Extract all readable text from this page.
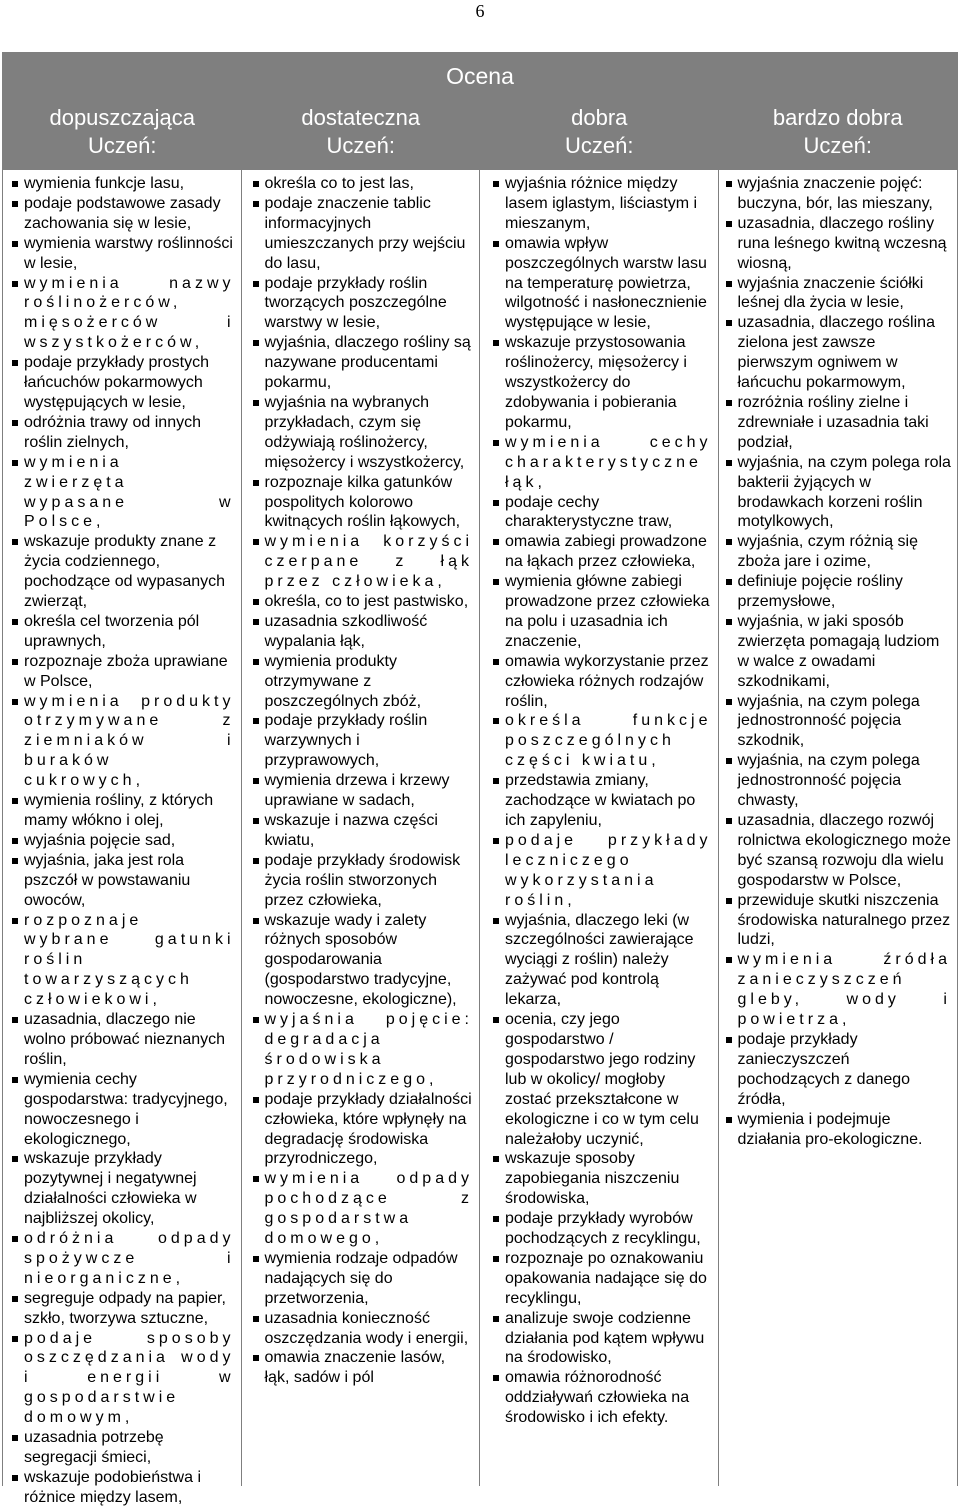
6
Ocena
dopuszczająca
Uczeń:
dostateczna
Uczeń:
dobra
Uczeń:
bardzo dobra
Uczeń:
wymienia funkcje lasu,
podaje podstawowe zasady zachowania się w lesie,
wymienia warstwy roślinności w lesie,
wymienia nazwy roślinożerców, mięsożerców i wszystkożerców,
podaje przykłady prostych łańcuchów pokarmowych występujących w lesie,
odróżnia trawy od innych roślin zielnych,
wymienia zwierzęta wypasane w Polsce,
wskazuje produkty znane z życia codziennego, pochodzące od wypasanych zwierząt,
określa cel tworzenia pól uprawnych,
rozpoznaje zboża uprawiane w Polsce,
wymienia produkty otrzymywane z ziemniaków i buraków cukrowych,
wymienia rośliny, z których mamy włókno i olej,
wyjaśnia pojęcie sad,
wyjaśnia, jaka jest rola pszczół w powstawaniu owoców,
rozpoznaje wybrane gatunki roślin towarzyszących człowiekowi,
uzasadnia, dlaczego nie wolno próbować nieznanych roślin,
wymienia cechy gospodarstwa: tradycyjnego, nowoczesnego i ekologicznego,
wskazuje przykłady pozytywnej i negatywnej działalności człowieka w najbliższej okolicy,
odróżnia odpady spożywcze i nieorganiczne,
segreguje odpady na papier, szkło, tworzywa sztuczne,
podaje sposoby oszczędzania wody i energii w gospodarstwie domowym,
uzasadnia potrzebę segregacji śmieci,
wskazuje podobieństwa i różnice między lasem,
określa co to jest las,
podaje znaczenie tablic informacyjnych umieszczanych przy wejściu do lasu,
podaje przykłady roślin tworzących poszczególne warstwy w lesie,
wyjaśnia, dlaczego rośliny są nazywane producentami pokarmu,
wyjaśnia na wybranych przykładach, czym się odżywiają roślinożercy, mięsożercy i wszystkożercy,
rozpoznaje kilka gatunków pospolitych kolorowo kwitnących roślin łąkowych,
wymienia korzyści czerpane z łąk przez człowieka,
określa, co to jest pastwisko,
uzasadnia szkodliwość wypalania łąk,
wymienia produkty otrzymywane z poszczególnych zbóż,
podaje przykłady roślin warzywnych i przyprawowych,
wymienia drzewa i krzewy uprawiane w sadach,
wskazuje i nazwa części kwiatu,
podaje przykłady środowisk życia roślin stworzonych przez człowieka,
wskazuje wady i zalety różnych sposobów gospodarowania (gospodarstwo tradycyjne, nowoczesne, ekologiczne),
wyjaśnia pojęcie: degradacja środowiska przyrodniczego,
podaje przykłady działalności człowieka, które wpłynęły na degradację środowiska przyrodniczego,
wymienia odpady pochodzące z gospodarstwa domowego,
wymienia rodzaje odpadów nadających się do przetworzenia,
uzasadnia konieczność oszczędzania wody i energii,
omawia znaczenie lasów, łąk, sadów i pól
wyjaśnia różnice między lasem iglastym, liściastym i mieszanym,
omawia wpływ poszczególnych warstw lasu na temperaturę powietrza, wilgotność i nasłonecznienie występujące w lesie,
wskazuje przystosowania roślinożercy, mięsożercy i wszystkożercy do zdobywania i pobierania pokarmu,
wymienia cechy charakterystyczne łąk,
podaje cechy charakterystyczne traw,
omawia zabiegi prowadzone na łąkach przez człowieka,
wymienia główne zabiegi prowadzone przez człowieka na polu i uzasadnia ich znaczenie,
omawia wykorzystanie przez człowieka różnych rodzajów roślin,
określa funkcje poszczególnych części kwiatu,
przedstawia zmiany, zachodzące w kwiatach po ich zapyleniu,
podaje przykłady leczniczego wykorzystania roślin,
wyjaśnia, dlaczego leki (w szczególności zawierające wyciągi z roślin) należy zażywać pod kontrolą lekarza,
ocenia, czy jego gospodarstwo / gospodarstwo jego rodziny lub w okolicy/ mogłoby zostać przekształcone w ekologiczne i co w tym celu należałoby uczynić,
wskazuje sposoby zapobiegania niszczeniu środowiska,
podaje przykłady wyrobów pochodzących z recyklingu,
rozpoznaje po oznakowaniu opakowania nadające się do recyklingu,
analizuje swoje codzienne działania pod kątem wpływu na środowisko,
omawia różnorodność oddziaływań człowieka na środowisko i ich efekty.
wyjaśnia znaczenie pojęć: buczyna, bór, las mieszany,
uzasadnia, dlaczego rośliny runa leśnego kwitną wczesną wiosną,
wyjaśnia znaczenie ściółki leśnej dla życia w lesie,
uzasadnia, dlaczego roślina zielona jest zawsze pierwszym ogniwem w łańcuchu pokarmowym,
rozróżnia rośliny zielne i zdrewniałe i uzasadnia taki podział,
wyjaśnia, na czym polega rola bakterii żyjących w brodawkach korzeni roślin motylkowych,
wyjaśnia, czym różnią się zboża jare i ozime,
definiuje pojęcie rośliny przemysłowe,
wyjaśnia, w jaki sposób zwierzęta pomagają ludziom w walce z owadami szkodnikami,
wyjaśnia, na czym polega jednostronność pojęcia szkodnik,
wyjaśnia, na czym polega jednostronność pojęcia chwasty,
uzasadnia, dlaczego rozwój rolnictwa ekologicznego może być szansą rozwoju dla wielu gospodarstw w Polsce,
przewiduje skutki niszczenia środowiska naturalnego przez ludzi,
wymienia źródła zanieczyszczeń gleby, wody i powietrza,
podaje przykłady zanieczyszczeń pochodzących z danego źródła,
wymienia i podejmuje działania pro-ekologiczne.
